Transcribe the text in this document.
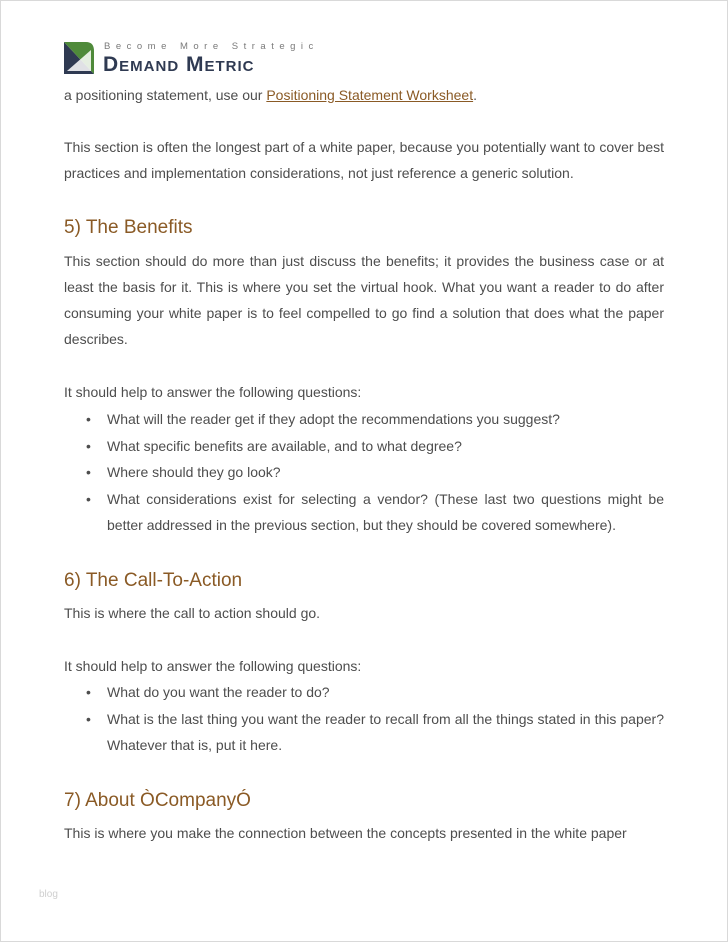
Become More Strategic
Demand Metric
a positioning statement, use our Positioning Statement Worksheet.
This section is often the longest part of a white paper, because you potentially want to cover best practices and implementation considerations, not just reference a generic solution.
5) The Benefits
This section should do more than just discuss the benefits; it provides the business case or at least the basis for it. This is where you set the virtual hook. What you want a reader to do after consuming your white paper is to feel compelled to go find a solution that does what the paper describes.
It should help to answer the following questions:
• What will the reader get if they adopt the recommendations you suggest?
• What specific benefits are available, and to what degree?
• Where should they go look?
• What considerations exist for selecting a vendor? (These last two questions might be better addressed in the previous section, but they should be covered somewhere).
6) The Call-To-Action
This is where the call to action should go.
It should help to answer the following questions:
• What do you want the reader to do?
• What is the last thing you want the reader to recall from all the things stated in this paper? Whatever that is, put it here.
7) About ÒCompanyÓ
This is where you make the connection between the concepts presented in the white paper
blog
